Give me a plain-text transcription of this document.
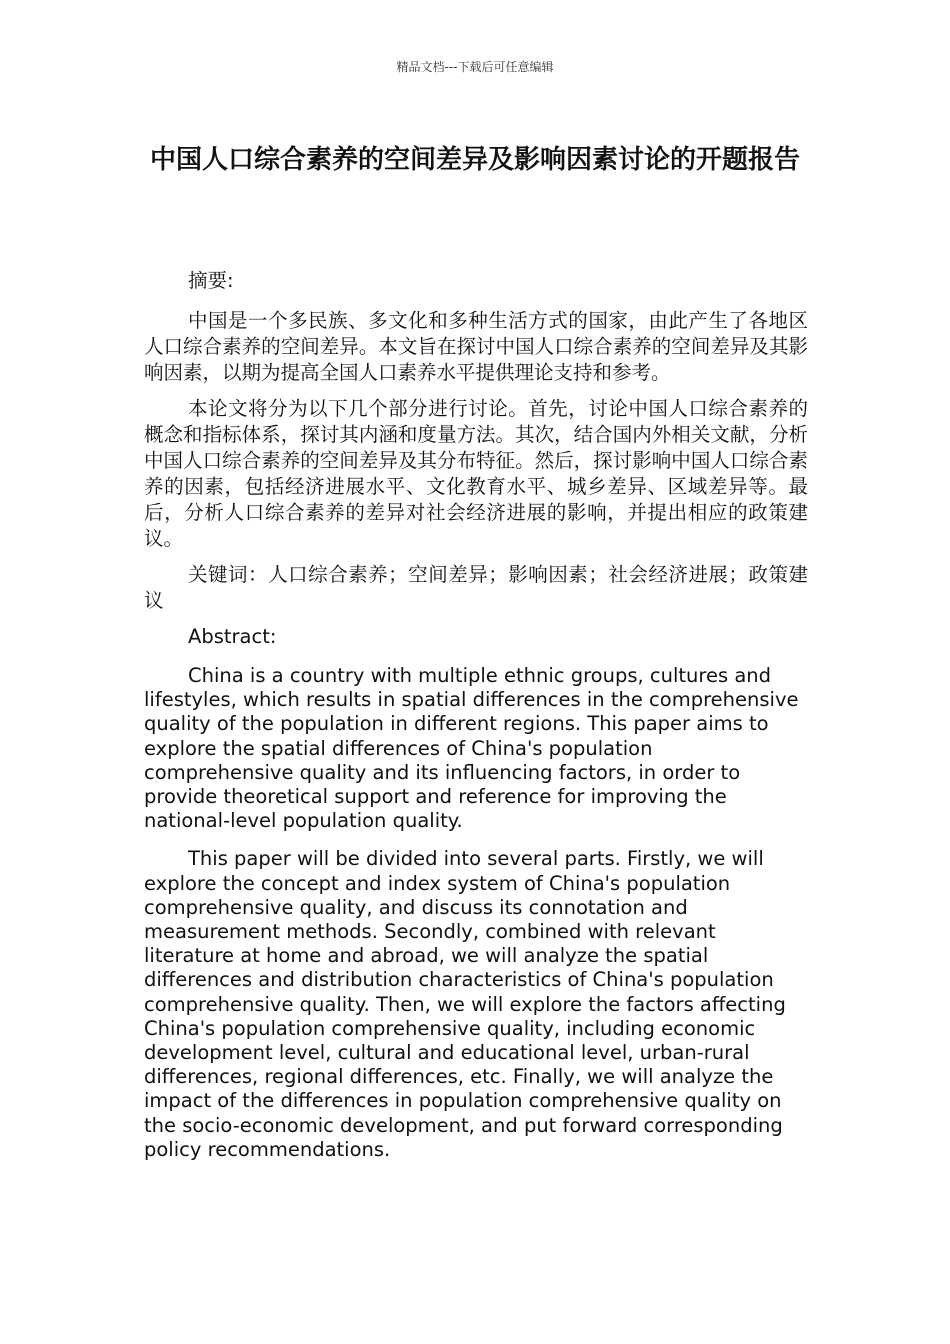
精品文档---下载后可任意编辑
中国人口综合素养的空间差异及影响因素讨论的开题报告

摘要:

中国是一个多民族、多文化和多种生活方式的国家，由此产生了各地区人口综合素养的空间差异。本文旨在探讨中国人口综合素养的空间差异及其影响因素，以期为提高全国人口素养水平提供理论支持和参考。

本论文将分为以下几个部分进行讨论。首先，讨论中国人口综合素养的概念和指标体系，探讨其内涵和度量方法。其次，结合国内外相关文献，分析中国人口综合素养的空间差异及其分布特征。然后，探讨影响中国人口综合素养的因素，包括经济进展水平、文化教育水平、城乡差异、区域差异等。最后，分析人口综合素养的差异对社会经济进展的影响，并提出相应的政策建议。

关键词：人口综合素养；空间差异；影响因素；社会经济进展；政策建议

Abstract:

China is a country with multiple ethnic groups, cultures and lifestyles, which results in spatial differences in the comprehensive quality of the population in different regions. This paper aims to explore the spatial differences of China's population comprehensive quality and its influencing factors, in order to provide theoretical support and reference for improving the national-level population quality.

This paper will be divided into several parts. Firstly, we will explore the concept and index system of China's population comprehensive quality, and discuss its connotation and measurement methods. Secondly, combined with relevant literature at home and abroad, we will analyze the spatial differences and distribution characteristics of China's population comprehensive quality. Then, we will explore the factors affecting China's population comprehensive quality, including economic development level, cultural and educational level, urban-rural differences, regional differences, etc. Finally, we will analyze the impact of the differences in population comprehensive quality on the socio-economic development, and put forward corresponding policy recommendations.
